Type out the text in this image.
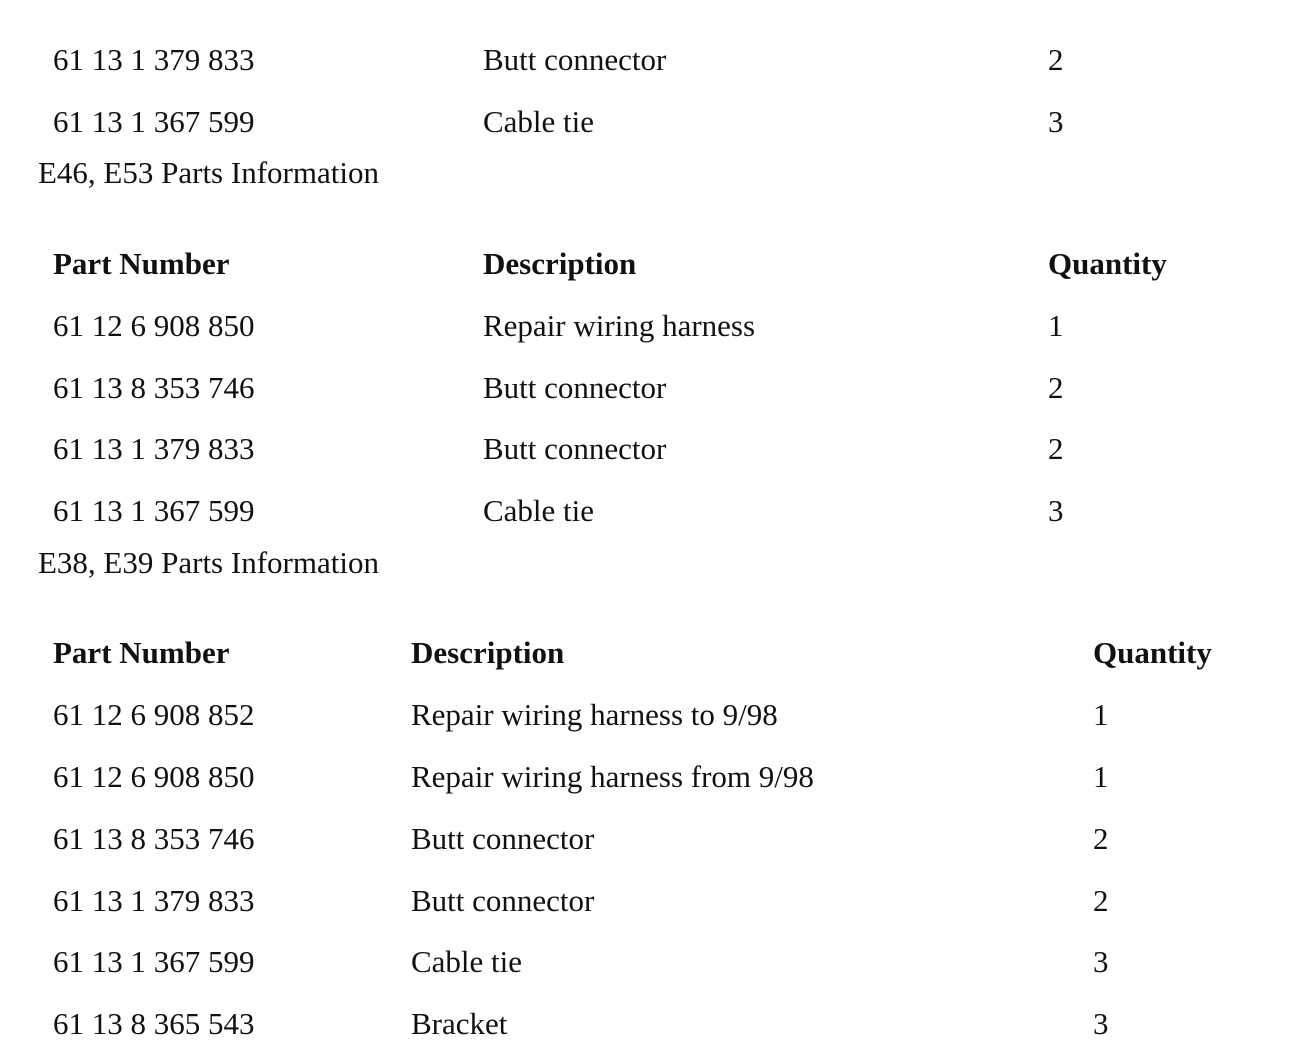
61 13 1 379 833	Butt connector	2
61 13 1 367 599	Cable tie	3
E46, E53 Parts Information
Part Number	Description	Quantity
61 12 6 908 850	Repair wiring harness	1
61 13 8 353 746	Butt connector	2
61 13 1 379 833	Butt connector	2
61 13 1 367 599	Cable tie	3
E38, E39 Parts Information
Part Number	Description	Quantity
61 12 6 908 852	Repair wiring harness to 9/98	1
61 12 6 908 850	Repair wiring harness from 9/98	1
61 13 8 353 746	Butt connector	2
61 13 1 379 833	Butt connector	2
61 13 1 367 599	Cable tie	3
61 13 8 365 543	Bracket	3
